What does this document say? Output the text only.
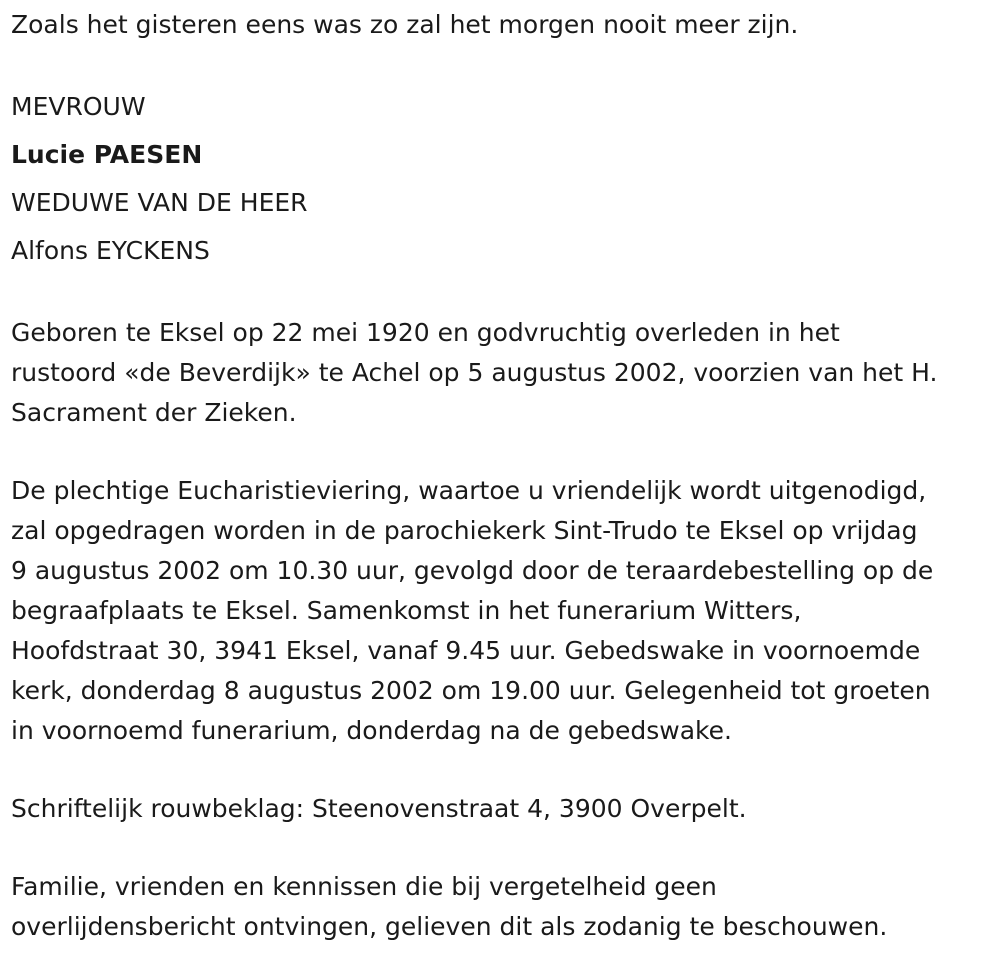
Zoals het gisteren eens was zo zal het morgen nooit meer zijn.

MEVROUW

Lucie PAESEN

WEDUWE VAN DE HEER

Alfons EYCKENS

Geboren te Eksel op 22 mei 1920 en godvruchtig overleden in het

rustoord «de Beverdijk» te Achel op 5 augustus 2002, voorzien van het H.

Sacrament der Zieken.

De plechtige Eucharistieviering, waartoe u vriendelijk wordt uitgenodigd,

zal opgedragen worden in de parochiekerk Sint-Trudo te Eksel op vrijdag

9 augustus 2002 om 10.30 uur, gevolgd door de teraardebestelling op de

begraafplaats te Eksel. Samenkomst in het funerarium Witters,

Hoofdstraat 30, 3941 Eksel, vanaf 9.45 uur. Gebedswake in voornoemde

kerk, donderdag 8 augustus 2002 om 19.00 uur. Gelegenheid tot groeten

in voornoemd funerarium, donderdag na de gebedswake.

Schriftelijk rouwbeklag: Steenovenstraat 4, 3900 Overpelt.

Familie, vrienden en kennissen die bij vergetelheid geen

overlijdensbericht ontvingen, gelieven dit als zodanig te beschouwen.
